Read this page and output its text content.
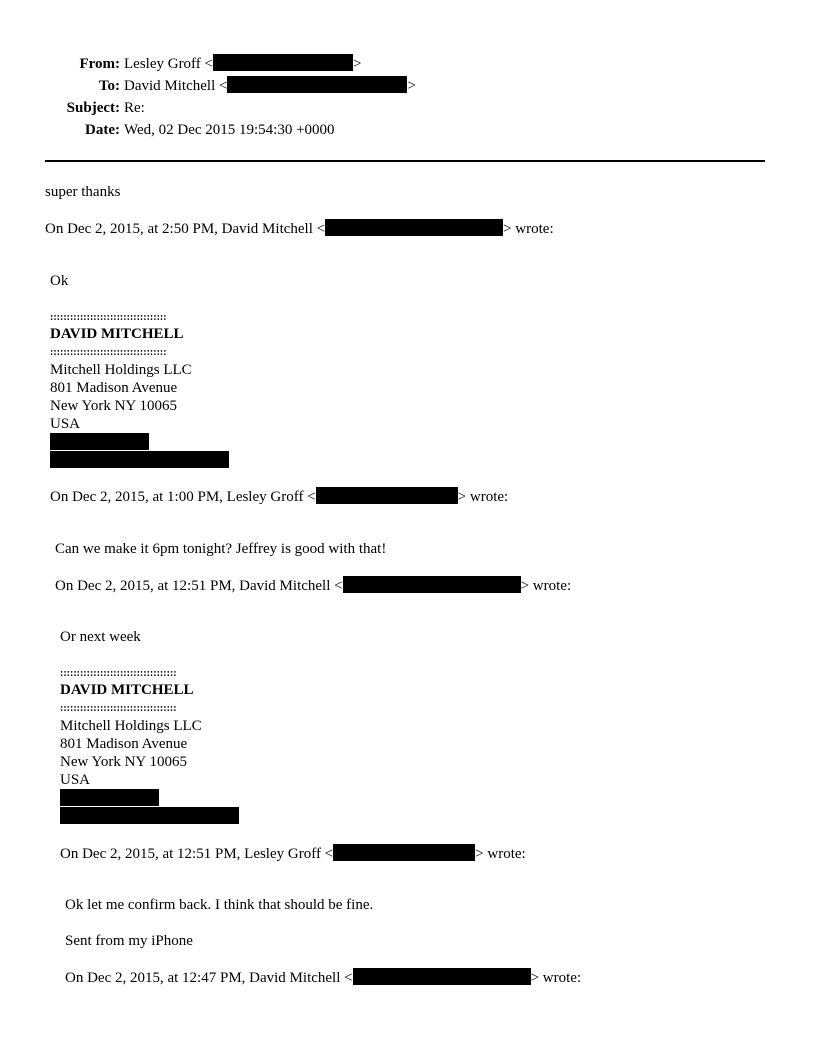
From: Lesley Groff <	>
To: David Mitchell <	>
Subject: Re:
Date: Wed, 02 Dec 2015 19:54:30 +0000
super thanks
On Dec 2, 2015, at 2:50 PM, David Mitchell <	> wrote:
Ok
:::::::::::::::::::::::::::::::::::
DAVID MITCHELL
:::::::::::::::::::::::::::::::::::
Mitchell Holdings LLC
801 Madison Avenue
New York NY 10065
USA
On Dec 2, 2015, at 1:00 PM, Lesley Groff <	> wrote:
Can we make it 6pm tonight? Jeffrey is good with that!
On Dec 2, 2015, at 12:51 PM, David Mitchell <	> wrote:
Or next week
:::::::::::::::::::::::::::::::::::
DAVID MITCHELL
:::::::::::::::::::::::::::::::::::
Mitchell Holdings LLC
801 Madison Avenue
New York NY 10065
USA
On Dec 2, 2015, at 12:51 PM, Lesley Groff <	> wrote:
Ok let me confirm back. I think that should be fine.
Sent from my iPhone
On Dec 2, 2015, at 12:47 PM, David Mitchell <	> wrote:
